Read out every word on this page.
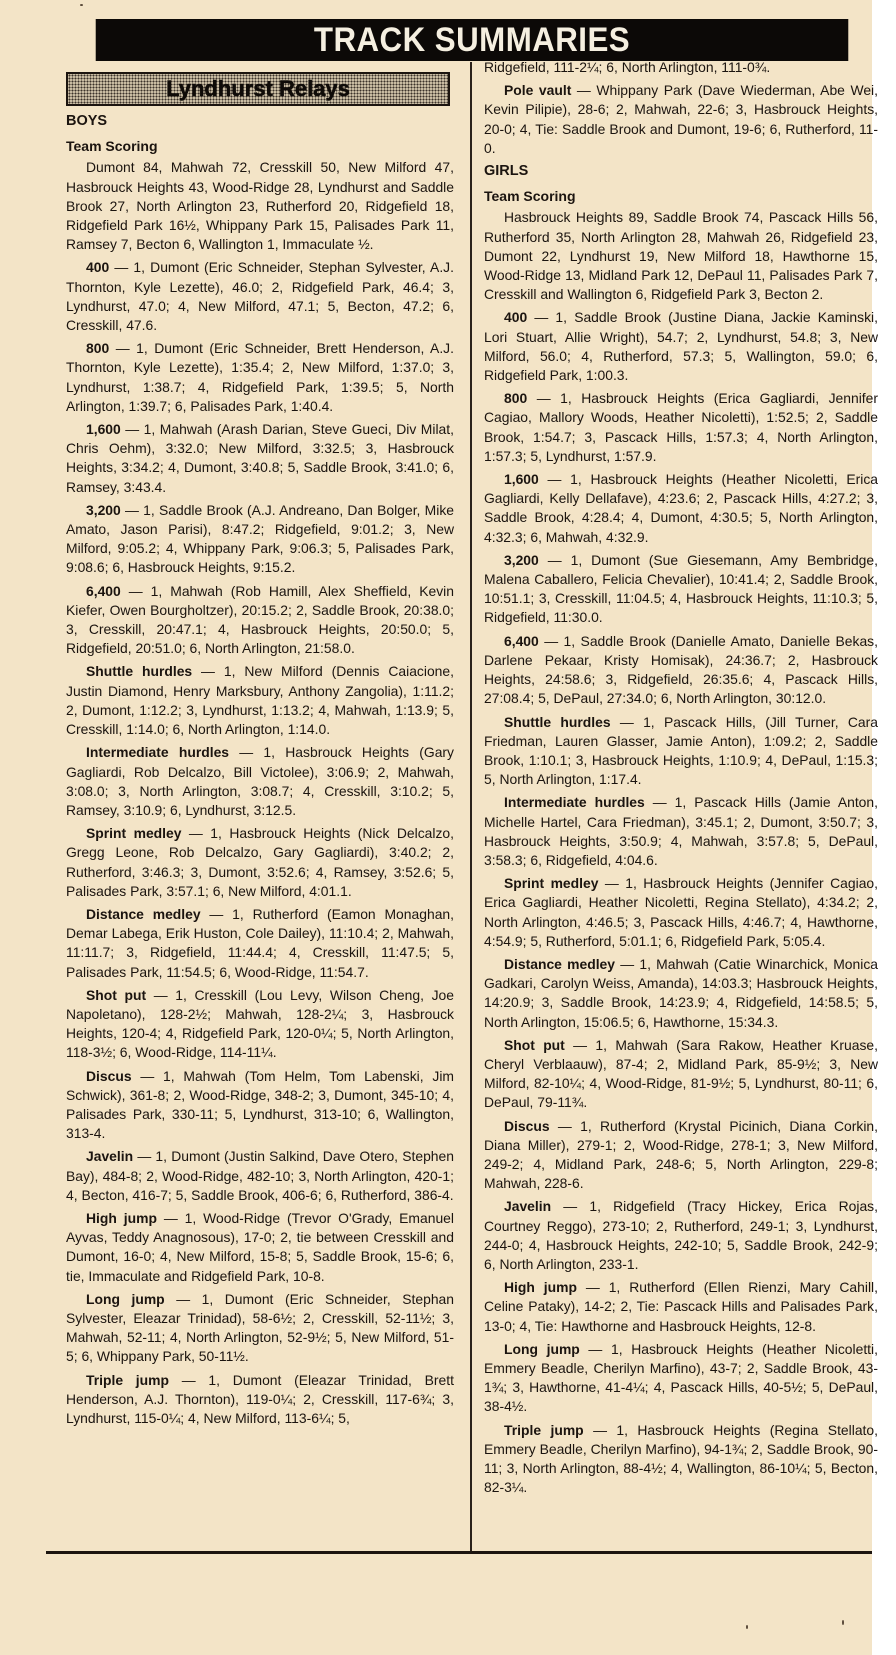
TRACK SUMMARIES
Lyndhurst Relays
BOYS
Team Scoring

Dumont 84, Mahwah 72, Cresskill 50, New Milford 47, Hasbrouck Heights 43, Wood-Ridge 28, Lyndhurst and Saddle Brook 27, North Arlington 23, Rutherford 20, Ridgefield 18, Ridgefield Park 16½, Whippany Park 15, Palisades Park 11, Ramsey 7, Becton 6, Wallington 1, Immaculate ½.

400 — 1, Dumont (Eric Schneider, Stephan Sylvester, A.J. Thornton, Kyle Lezette), 46.0; 2, Ridgefield Park, 46.4; 3, Lyndhurst, 47.0; 4, New Milford, 47.1; 5, Becton, 47.2; 6, Cresskill, 47.6.

800 — 1, Dumont (Eric Schneider, Brett Henderson, A.J. Thornton, Kyle Lezette), 1:35.4; 2, New Milford, 1:37.0; 3, Lyndhurst, 1:38.7; 4, Ridgefield Park, 1:39.5; 5, North Arlington, 1:39.7; 6, Palisades Park, 1:40.4.

1,600 — 1, Mahwah (Arash Darian, Steve Gueci, Div Milat, Chris Oehm), 3:32.0; New Milford, 3:32.5; 3, Hasbrouck Heights, 3:34.2; 4, Dumont, 3:40.8; 5, Saddle Brook, 3:41.0; 6, Ramsey, 3:43.4.

3,200 — 1, Saddle Brook (A.J. Andreano, Dan Bolger, Mike Amato, Jason Parisi), 8:47.2; Ridgefield, 9:01.2; 3, New Milford, 9:05.2; 4, Whippany Park, 9:06.3; 5, Palisades Park, 9:08.6; 6, Hasbrouck Heights, 9:15.2.

6,400 — 1, Mahwah (Rob Hamill, Alex Sheffield, Kevin Kiefer, Owen Bourgholtzer), 20:15.2; 2, Saddle Brook, 20:38.0; 3, Cresskill, 20:47.1; 4, Hasbrouck Heights, 20:50.0; 5, Ridgefield, 20:51.0; 6, North Arlington, 21:58.0.

Shuttle hurdles — 1, New Milford (Dennis Caiacione, Justin Diamond, Henry Marksbury, Anthony Zangolia), 1:11.2; 2, Dumont, 1:12.2; 3, Lyndhurst, 1:13.2; 4, Mahwah, 1:13.9; 5, Cresskill, 1:14.0; 6, North Arlington, 1:14.0.

Intermediate hurdles — 1, Hasbrouck Heights (Gary Gagliardi, Rob Delcalzo, Bill Victolee), 3:06.9; 2, Mahwah, 3:08.0; 3, North Arlington, 3:08.7; 4, Cresskill, 3:10.2; 5, Ramsey, 3:10.9; 6, Lyndhurst, 3:12.5.

Sprint medley — 1, Hasbrouck Heights (Nick Delcalzo, Gregg Leone, Rob Delcalzo, Gary Gagliardi), 3:40.2; 2, Rutherford, 3:46.3; 3, Dumont, 3:52.6; 4, Ramsey, 3:52.6; 5, Palisades Park, 3:57.1; 6, New Milford, 4:01.1.

Distance medley — 1, Rutherford (Eamon Monaghan, Demar Labega, Erik Huston, Cole Dailey), 11:10.4; 2, Mahwah, 11:11.7; 3, Ridgefield, 11:44.4; 4, Cresskill, 11:47.5; 5, Palisades Park, 11:54.5; 6, Wood-Ridge, 11:54.7.

Shot put — 1, Cresskill (Lou Levy, Wilson Cheng, Joe Napoletano), 128-2½; Mahwah, 128-2¼; 3, Hasbrouck Heights, 120-4; 4, Ridgefield Park, 120-0¼; 5, North Arlington, 118-3½; 6, Wood-Ridge, 114-11¼.

Discus — 1, Mahwah (Tom Helm, Tom Labenski, Jim Schwick), 361-8; 2, Wood-Ridge, 348-2; 3, Dumont, 345-10; 4, Palisades Park, 330-11; 5, Lyndhurst, 313-10; 6, Wallington, 313-4.

Javelin — 1, Dumont (Justin Salkind, Dave Otero, Stephen Bay), 484-8; 2, Wood-Ridge, 482-10; 3, North Arlington, 420-1; 4, Becton, 416-7; 5, Saddle Brook, 406-6; 6, Rutherford, 386-4.

High jump — 1, Wood-Ridge (Trevor O'Grady, Emanuel Ayvas, Teddy Anagnosous), 17-0; 2, tie between Cresskill and Dumont, 16-0; 4, New Milford, 15-8; 5, Saddle Brook, 15-6; 6, tie, Immaculate and Ridgefield Park, 10-8.

Long jump — 1, Dumont (Eric Schneider, Stephan Sylvester, Eleazar Trinidad), 58-6½; 2, Cresskill, 52-11½; 3, Mahwah, 52-11; 4, North Arlington, 52-9½; 5, New Milford, 51-5; 6, Whippany Park, 50-11½.

Triple jump — 1, Dumont (Eleazar Trinidad, Brett Henderson, A.J. Thornton), 119-0¼; 2, Cresskill, 117-6¾; 3, Lyndhurst, 115-0¼; 4, New Milford, 113-6¼; 5,

Ridgefield, 111-2¼; 6, North Arlington, 111-0¾.

Pole vault — Whippany Park (Dave Wiederman, Abe Wei, Kevin Pilipie), 28-6; 2, Mahwah, 22-6; 3, Hasbrouck Heights, 20-0; 4, Tie: Saddle Brook and Dumont, 19-6; 6, Rutherford, 11-0.

GIRLS
Team Scoring

Hasbrouck Heights 89, Saddle Brook 74, Pascack Hills 56, Rutherford 35, North Arlington 28, Mahwah 26, Ridgefield 23, Dumont 22, Lyndhurst 19, New Milford 18, Hawthorne 15, Wood-Ridge 13, Midland Park 12, DePaul 11, Palisades Park 7, Cresskill and Wallington 6, Ridgefield Park 3, Becton 2.

400 — 1, Saddle Brook (Justine Diana, Jackie Kaminski, Lori Stuart, Allie Wright), 54.7; 2, Lyndhurst, 54.8; 3, New Milford, 56.0; 4, Rutherford, 57.3; 5, Wallington, 59.0; 6, Ridgefield Park, 1:00.3.

800 — 1, Hasbrouck Heights (Erica Gagliardi, Jennifer Cagiao, Mallory Woods, Heather Nicoletti), 1:52.5; 2, Saddle Brook, 1:54.7; 3, Pascack Hills, 1:57.3; 4, North Arlington, 1:57.3; 5, Lyndhurst, 1:57.9.

1,600 — 1, Hasbrouck Heights (Heather Nicoletti, Erica Gagliardi, Kelly Dellafave), 4:23.6; 2, Pascack Hills, 4:27.2; 3, Saddle Brook, 4:28.4; 4, Dumont, 4:30.5; 5, North Arlington, 4:32.3; 6, Mahwah, 4:32.9.

3,200 — 1, Dumont (Sue Giesemann, Amy Bembridge, Malena Caballero, Felicia Chevalier), 10:41.4; 2, Saddle Brook, 10:51.1; 3, Cresskill, 11:04.5; 4, Hasbrouck Heights, 11:10.3; 5, Ridgefield, 11:30.0.

6,400 — 1, Saddle Brook (Danielle Amato, Danielle Bekas, Darlene Pekaar, Kristy Homisak), 24:36.7; 2, Hasbrouck Heights, 24:58.6; 3, Ridgefield, 26:35.6; 4, Pascack Hills, 27:08.4; 5, DePaul, 27:34.0; 6, North Arlington, 30:12.0.

Shuttle hurdles — 1, Pascack Hills, (Jill Turner, Cara Friedman, Lauren Glasser, Jamie Anton), 1:09.2; 2, Saddle Brook, 1:10.1; 3, Hasbrouck Heights, 1:10.9; 4, DePaul, 1:15.3; 5, North Arlington, 1:17.4.

Intermediate hurdles — 1, Pascack Hills (Jamie Anton, Michelle Hartel, Cara Friedman), 3:45.1; 2, Dumont, 3:50.7; 3, Hasbrouck Heights, 3:50.9; 4, Mahwah, 3:57.8; 5, DePaul, 3:58.3; 6, Ridgefield, 4:04.6.

Sprint medley — 1, Hasbrouck Heights (Jennifer Cagiao, Erica Gagliardi, Heather Nicoletti, Regina Stellato), 4:34.2; 2, North Arlington, 4:46.5; 3, Pascack Hills, 4:46.7; 4, Hawthorne, 4:54.9; 5, Rutherford, 5:01.1; 6, Ridgefield Park, 5:05.4.

Distance medley — 1, Mahwah (Catie Winarchick, Monica Gadkari, Carolyn Weiss, Amanda), 14:03.3; Hasbrouck Heights, 14:20.9; 3, Saddle Brook, 14:23.9; 4, Ridgefield, 14:58.5; 5, North Arlington, 15:06.5; 6, Hawthorne, 15:34.3.

Shot put — 1, Mahwah (Sara Rakow, Heather Kruase, Cheryl Verblaauw), 87-4; 2, Midland Park, 85-9½; 3, New Milford, 82-10¼; 4, Wood-Ridge, 81-9½; 5, Lyndhurst, 80-11; 6, DePaul, 79-11¾.

Discus — 1, Rutherford (Krystal Picinich, Diana Corkin, Diana Miller), 279-1; 2, Wood-Ridge, 278-1; 3, New Milford, 249-2; 4, Midland Park, 248-6; 5, North Arlington, 229-8; Mahwah, 228-6.

Javelin — 1, Ridgefield (Tracy Hickey, Erica Rojas, Courtney Reggo), 273-10; 2, Rutherford, 249-1; 3, Lyndhurst, 244-0; 4, Hasbrouck Heights, 242-10; 5, Saddle Brook, 242-9; 6, North Arlington, 233-1.

High jump — 1, Rutherford (Ellen Rienzi, Mary Cahill, Celine Pataky), 14-2; 2, Tie: Pascack Hills and Palisades Park, 13-0; 4, Tie: Hawthorne and Hasbrouck Heights, 12-8.

Long jump — 1, Hasbrouck Heights (Heather Nicoletti, Emmery Beadle, Cherilyn Marfino), 43-7; 2, Saddle Brook, 43-1¾; 3, Hawthorne, 41-4¼; 4, Pascack Hills, 40-5½; 5, DePaul, 38-4½.

Triple jump — 1, Hasbrouck Heights (Regina Stellato, Emmery Beadle, Cherilyn Marfino), 94-1¾; 2, Saddle Brook, 90-11; 3, North Arlington, 88-4½; 4, Wallington, 86-10¼; 5, Becton, 82-3¼.
